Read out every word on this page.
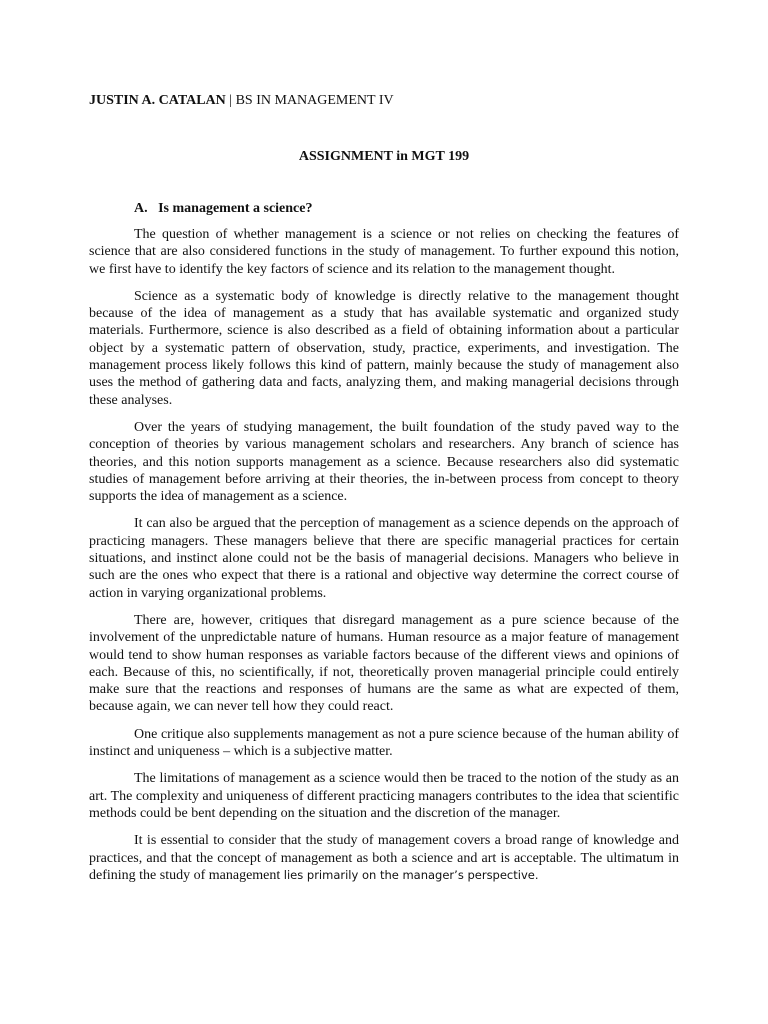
JUSTIN A. CATALAN | BS IN MANAGEMENT IV
ASSIGNMENT in MGT 199
A.   Is management a science?

The question of whether management is a science or not relies on checking the features of science that are also considered functions in the study of management. To further expound this notion, we first have to identify the key factors of science and its relation to the management thought.

Science as a systematic body of knowledge is directly relative to the management thought because of the idea of management as a study that has available systematic and organized study materials. Furthermore, science is also described as a field of obtaining information about a particular object by a systematic pattern of observation, study, practice, experiments, and investigation. The management process likely follows this kind of pattern, mainly because the study of management also uses the method of gathering data and facts, analyzing them, and making managerial decisions through these analyses.

Over the years of studying management, the built foundation of the study paved way to the conception of theories by various management scholars and researchers. Any branch of science has theories, and this notion supports management as a science. Because researchers also did systematic studies of management before arriving at their theories, the in-between process from concept to theory supports the idea of management as a science.

It can also be argued that the perception of management as a science depends on the approach of practicing managers. These managers believe that there are specific managerial practices for certain situations, and instinct alone could not be the basis of managerial decisions. Managers who believe in such are the ones who expect that there is a rational and objective way determine the correct course of action in varying organizational problems.

There are, however, critiques that disregard management as a pure science because of the involvement of the unpredictable nature of humans. Human resource as a major feature of management would tend to show human responses as variable factors because of the different views and opinions of each. Because of this, no scientifically, if not, theoretically proven managerial principle could entirely make sure that the reactions and responses of humans are the same as what are expected of them, because again, we can never tell how they could react.

One critique also supplements management as not a pure science because of the human ability of instinct and uniqueness – which is a subjective matter.

The limitations of management as a science would then be traced to the notion of the study as an art. The complexity and uniqueness of different practicing managers contributes to the idea that scientific methods could be bent depending on the situation and the discretion of the manager.

It is essential to consider that the study of management covers a broad range of knowledge and practices, and that the concept of management as both a science and art is acceptable. The ultimatum in defining the study of management lies primarily on the manager’s perspective.
